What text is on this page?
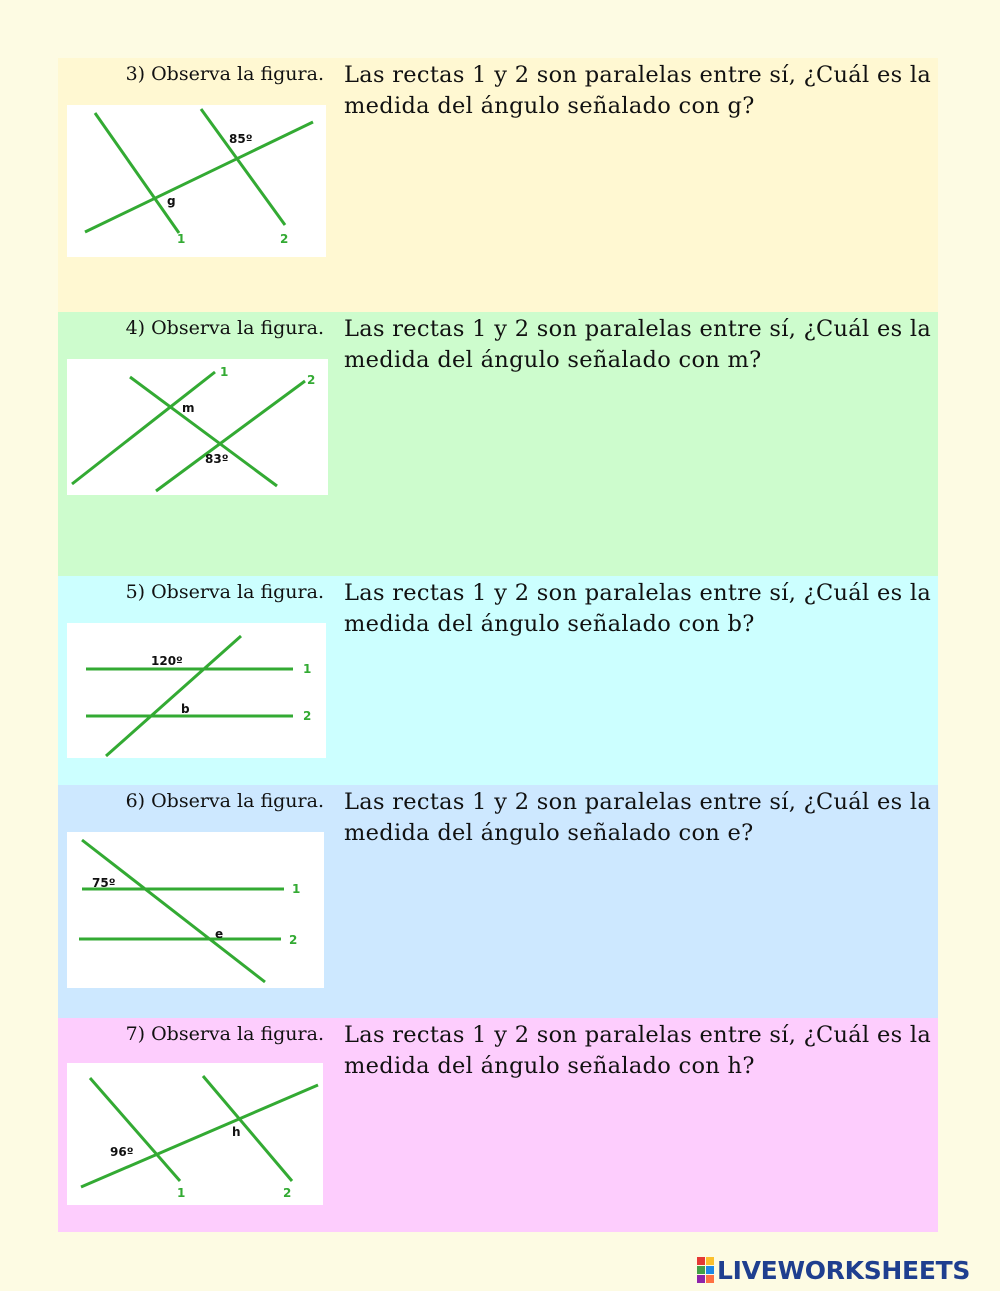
3) Observa la figura. Las rectas 1 y 2 son paralelas entre sí, ¿Cuál es la medida del ángulo señalado con g?
85º
g
1	2
4) Observa la figura. Las rectas 1 y 2 son paralelas entre sí, ¿Cuál es la medida del ángulo señalado con m?
m
83º
1
2
5) Observa la figura. Las rectas 1 y 2 son paralelas entre sí, ¿Cuál es la medida del ángulo señalado con b?
120º
b
1
2
6) Observa la figura. Las rectas 1 y 2 son paralelas entre sí, ¿Cuál es la medida del ángulo señalado con e?
75º
e
1
2
7) Observa la figura. Las rectas 1 y 2 son paralelas entre sí, ¿Cuál es la medida del ángulo señalado con h?
96º
h
1	2
LIVEWORKSHEETS
